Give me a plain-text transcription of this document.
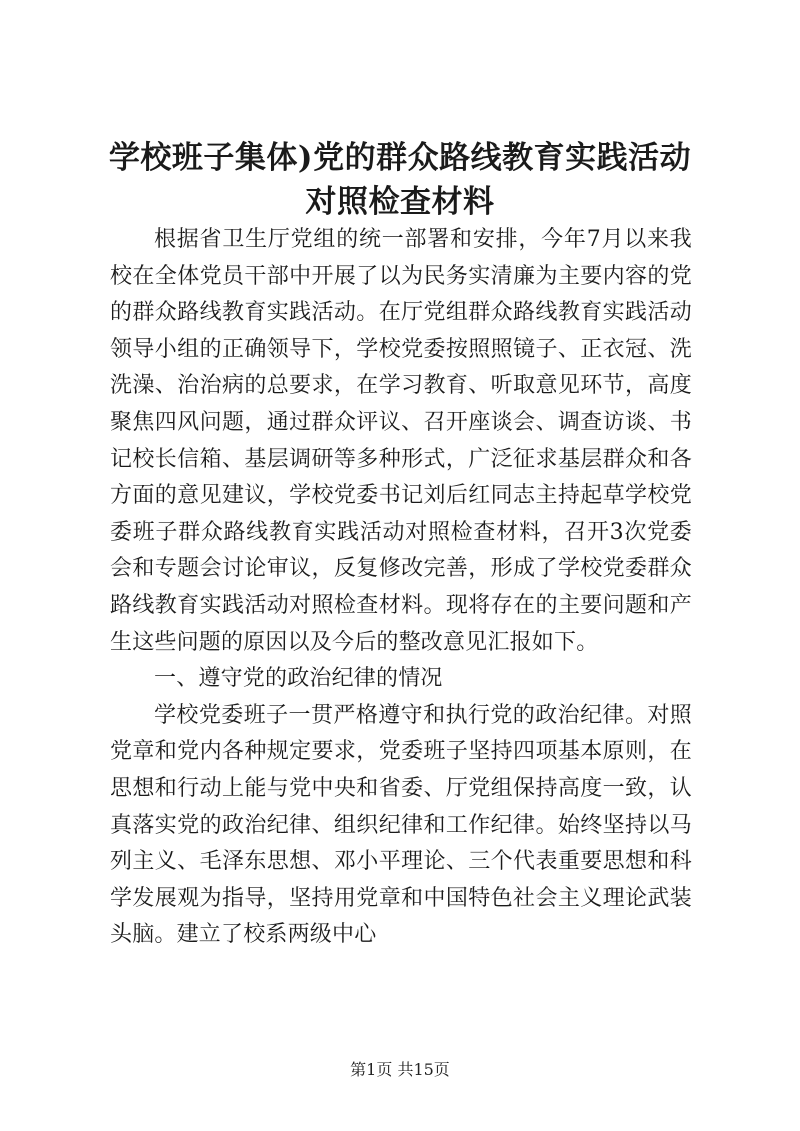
学校班子集体)党的群众路线教育实践活动对照检查材料

根据省卫生厅党组的统一部署和安排，今年7月以来我校在全体党员干部中开展了以为民务实清廉为主要内容的党的群众路线教育实践活动。在厅党组群众路线教育实践活动领导小组的正确领导下，学校党委按照照镜子、正衣冠、洗洗澡、治治病的总要求，在学习教育、听取意见环节，高度聚焦四风问题，通过群众评议、召开座谈会、调查访谈、书记校长信箱、基层调研等多种形式，广泛征求基层群众和各方面的意见建议，学校党委书记刘后红同志主持起草学校党委班子群众路线教育实践活动对照检查材料，召开3次党委会和专题会讨论审议，反复修改完善，形成了学校党委群众路线教育实践活动对照检查材料。现将存在的主要问题和产生这些问题的原因以及今后的整改意见汇报如下。

一、遵守党的政治纪律的情况

学校党委班子一贯严格遵守和执行党的政治纪律。对照党章和党内各种规定要求，党委班子坚持四项基本原则，在思想和行动上能与党中央和省委、厅党组保持高度一致，认真落实党的政治纪律、组织纪律和工作纪律。始终坚持以马列主义、毛泽东思想、邓小平理论、三个代表重要思想和科学发展观为指导，坚持用党章和中国特色社会主义理论武装头脑。建立了校系两级中心

第1页 共15页
